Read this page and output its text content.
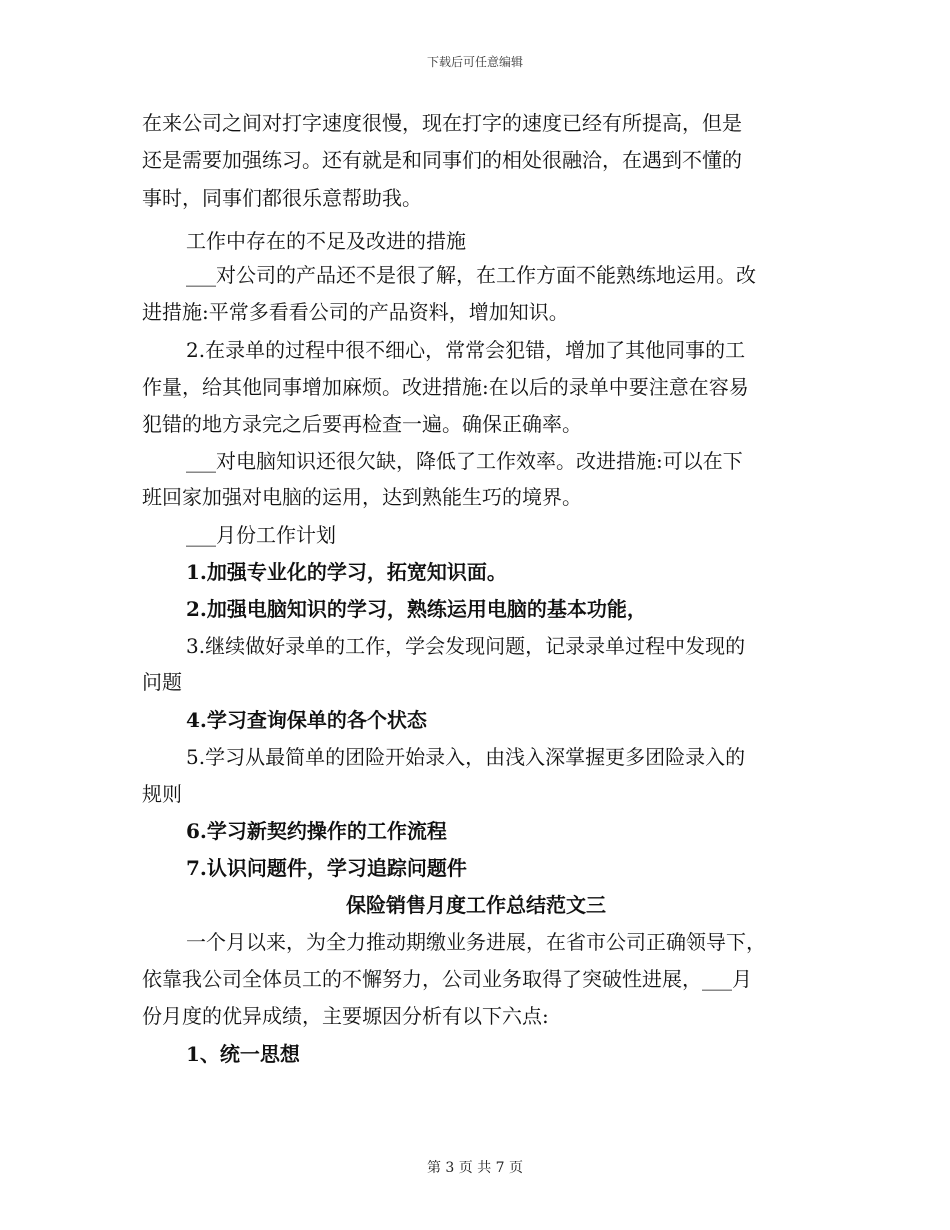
下载后可任意编辑
在来公司之间对打字速度很慢，现在打字的速度已经有所提高，但是
还是需要加强练习。还有就是和同事们的相处很融洽，在遇到不懂的
事时，同事们都很乐意帮助我。
工作中存在的不足及改进的措施
___对公司的产品还不是很了解，在工作方面不能熟练地运用。改
进措施:平常多看看公司的产品资料，增加知识。
2.在录单的过程中很不细心，常常会犯错，增加了其他同事的工
作量，给其他同事增加麻烦。改进措施:在以后的录单中要注意在容易
犯错的地方录完之后要再检查一遍。确保正确率。
___对电脑知识还很欠缺，降低了工作效率。改进措施:可以在下
班回家加强对电脑的运用，达到熟能生巧的境界。
___月份工作计划
1.加强专业化的学习，拓宽知识面。
2.加强电脑知识的学习，熟练运用电脑的基本功能，
3.继续做好录单的工作，学会发现问题，记录录单过程中发现的
问题
4.学习查询保单的各个状态
5.学习从最简单的团险开始录入，由浅入深掌握更多团险录入的
规则
6.学习新契约操作的工作流程
7.认识问题件，学习追踪问题件
保险销售月度工作总结范文三
一个月以来，为全力推动期缴业务进展，在省市公司正确领导下，
依靠我公司全体员工的不懈努力，公司业务取得了突破性进展，___月
份月度的优异成绩，主要塬因分析有以下六点:
1、统一思想
第 3 页 共 7 页
